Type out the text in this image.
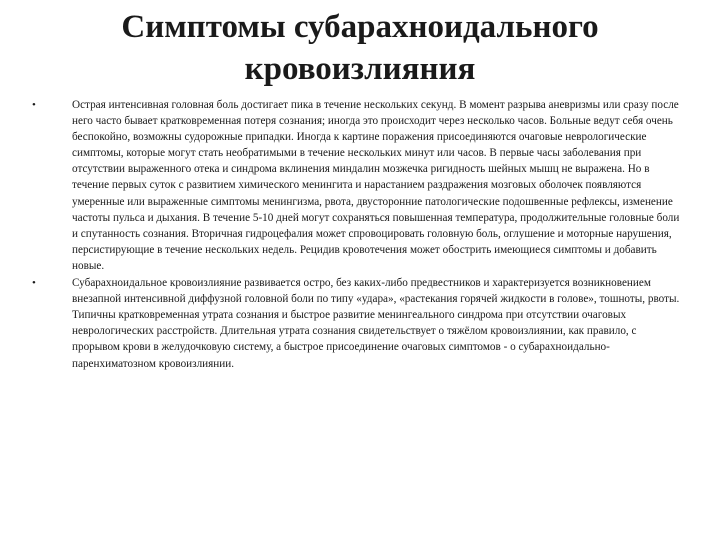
Симптомы субарахноидального кровоизлияния
•	Острая интенсивная головная боль достигает пика в течение нескольких секунд. В момент разрыва аневризмы или сразу после него часто бывает кратковременная потеря сознания; иногда это происходит через несколько часов. Больные ведут себя очень беспокойно, возможны судорожные припадки. Иногда к картине поражения присоединяются очаговые неврологические симптомы, которые могут стать необратимыми в течение нескольких минут или часов. В первые часы заболевания при отсутствии выраженного отека и синдрома вклинения миндалин мозжечка ригидность шейных мышц не выражена. Но в течение первых суток с развитием химического менингита и нарастанием раздражения мозговых оболочек появляются умеренные или выраженные симптомы менингизма, рвота, двусторонние патологические подошвенные рефлексы, изменение частоты пульса и дыхания. В течение 5-10 дней могут сохраняться повышенная температура, продолжительные головные боли и спутанность сознания. Вторичная гидроцефалия может спровоцировать головную боль, оглушение и моторные нарушения, персистирующие в течение нескольких недель. Рецидив кровотечения может обострить имеющиеся симптомы и добавить новые.
•	Субарахноидальное кровоизлияние развивается остро, без каких-либо предвестников и характеризуется возникновением внезапной интенсивной диффузной головной боли по типу «удара», «растекания горячей жидкости в голове», тошноты, рвоты. Типичны кратковременная утрата сознания и быстрое развитие менингеального синдрома при отсутствии очаговых неврологических расстройств. Длительная утрата сознания свидетельствует о тяжёлом кровоизлиянии, как правило, с прорывом крови в желудочковую систему, а быстрое присоединение очаговых симптомов - о субарахноидально-паренхиматозном кровоизлиянии.
